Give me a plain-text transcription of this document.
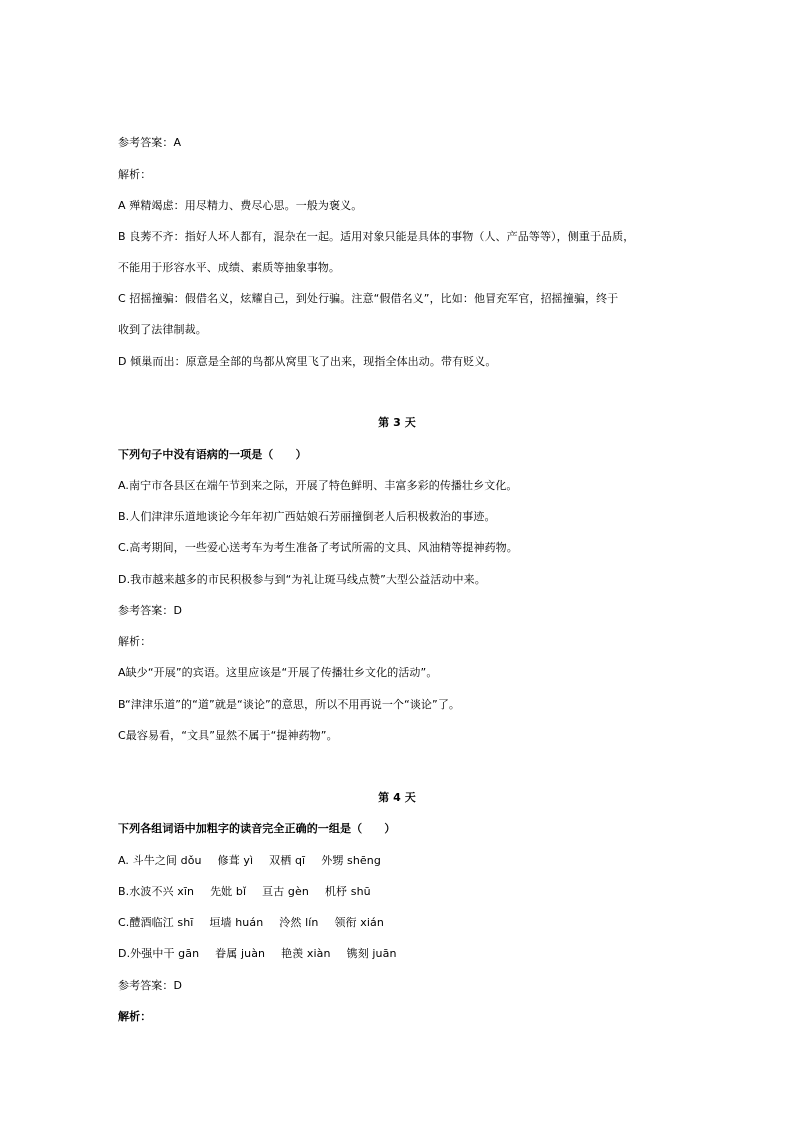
参考答案：A
解析：
A 殚精竭虑：用尽精力、费尽心思。一般为褒义。
B 良莠不齐：指好人坏人都有，混杂在一起。适用对象只能是具体的事物（人、产品等等），侧重于品质，
不能用于形容水平、成绩、素质等抽象事物。
C 招摇撞骗：假借名义，炫耀自己，到处行骗。注意“假借名义”，比如：他冒充军官，招摇撞骗，终于
收到了法律制裁。
D 倾巢而出：原意是全部的鸟都从窝里飞了出来，现指全体出动。带有贬义。
第 3 天
下列句子中没有语病的一项是（　　）
A.南宁市各县区在端午节到来之际，开展了特色鲜明、丰富多彩的传播壮乡文化。
B.人们津津乐道地谈论今年年初广西姑娘石芳丽撞倒老人后积极救治的事迹。
C.高考期间，一些爱心送考车为考生准备了考试所需的文具、风油精等提神药物。
D.我市越来越多的市民积极参与到“为礼让斑马线点赞”大型公益活动中来。
参考答案：D
解析：
A缺少“开展”的宾语。这里应该是“开展了传播壮乡文化的活动”。
B“津津乐道”的“道”就是“谈论”的意思，所以不用再说一个“谈论”了。
C最容易看，“文具”显然不属于“提神药物”。
第 4 天
下列各组词语中加粗字的读音完全正确的一组是（　　）
A. 斗牛之间 dǒu 修葺 yì 双栖 qī 外甥 shēng
B.水波不兴 xīn 先妣 bǐ 亘古 gèn 机杼 shū
C.醴酒临江 shī 垣墙 huán 泠然 lín 领衔 xián
D.外强中干 gān 眷属 juàn 艳羡 xiàn 镌刻 juān
参考答案：D
解析：
